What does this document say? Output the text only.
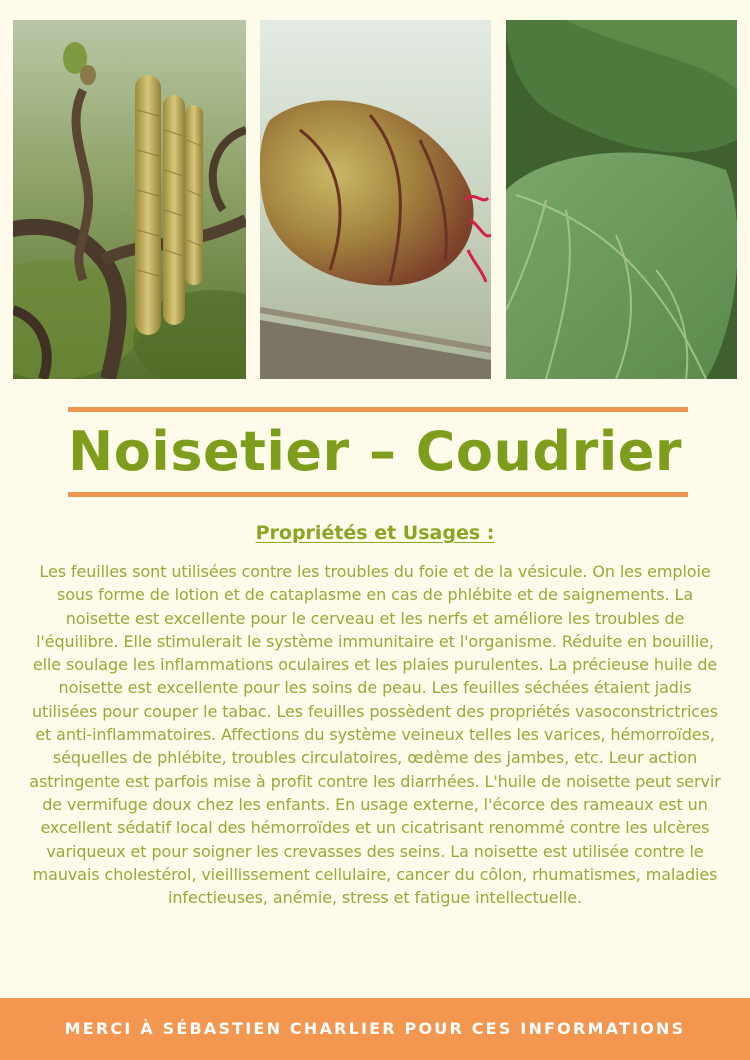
Noisetier – Coudrier
Propriétés et Usages :

Les feuilles sont utilisées contre les troubles du foie et de la vésicule. On les emploie sous forme de lotion et de cataplasme en cas de phlébite et de saignements. La noisette est excellente pour le cerveau et les nerfs et améliore les troubles de l'équilibre. Elle stimulerait le système immunitaire et l'organisme. Réduite en bouillie, elle soulage les inflammations oculaires et les plaies purulentes. La précieuse huile de noisette est excellente pour les soins de peau. Les feuilles séchées étaient jadis utilisées pour couper le tabac. Les feuilles possèdent des propriétés vasoconstrictrices et anti-inflammatoires. Affections du système veineux telles les varices, hémorroïdes, séquelles de phlébite, troubles circulatoires, œdème des jambes, etc. Leur action astringente est parfois mise à profit contre les diarrhées. L'huile de noisette peut servir de vermifuge doux chez les enfants. En usage externe, l'écorce des rameaux est un excellent sédatif local des hémorroïdes et un cicatrisant renommé contre les ulcères variqueux et pour soigner les crevasses des seins. La noisette est utilisée contre le mauvais cholestérol, vieillissement cellulaire, cancer du côlon, rhumatismes, maladies infectieuses, anémie, stress et fatigue intellectuelle.

MERCI À SÉBASTIEN CHARLIER POUR CES INFORMATIONS
